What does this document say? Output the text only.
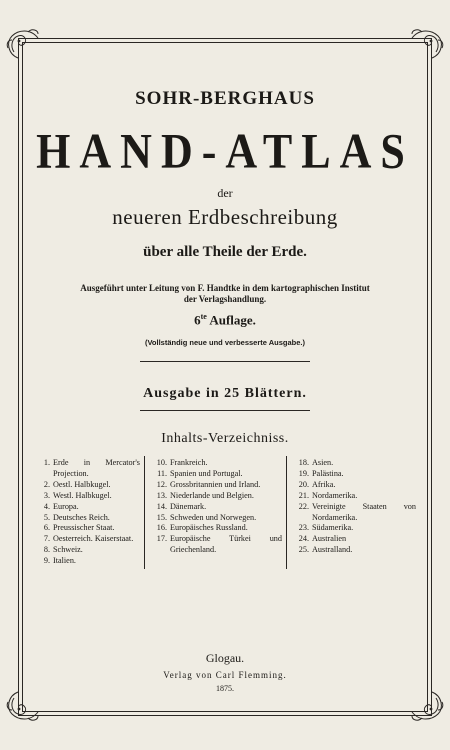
SOHR-BERGHAUS
HAND-ATLAS
der
neueren Erdbeschreibung
über alle Theile der Erde.
Ausgeführt unter Leitung von F. Handtke in dem kartographischen Institut
der Verlagshandlung.
$6^{te}$ Auflage.
(Vollständig neue und verbesserte Ausgabe.)
Ausgabe in 25 Blättern.
Inhalts-Verzeichniss.
1. Erde in Mercator's Projection.
2. Oestl. Halbkugel.
3. Westl. Halbkugel.
4. Europa.
5. Deutsches Reich.
6. Preussischer Staat.
7. Oesterreich. Kaiserstaat.
8. Schweiz.
9. Italien.
10. Frankreich.
11. Spanien und Portugal.
12. Grossbritannien und Irland.
13. Niederlande und Belgien.
14. Dänemark.
15. Schweden und Norwegen.
16. Europäisches Russland.
17. Europäische Türkei und Griechenland.
18. Asien.
19. Palästina.
20. Afrika.
21. Nordamerika.
22. Vereinigte Staaten von Nordamerika.
23. Südamerika.
24. Australien
25. Australland.
Glogau.
Verlag von Carl Flemming.
1875.
